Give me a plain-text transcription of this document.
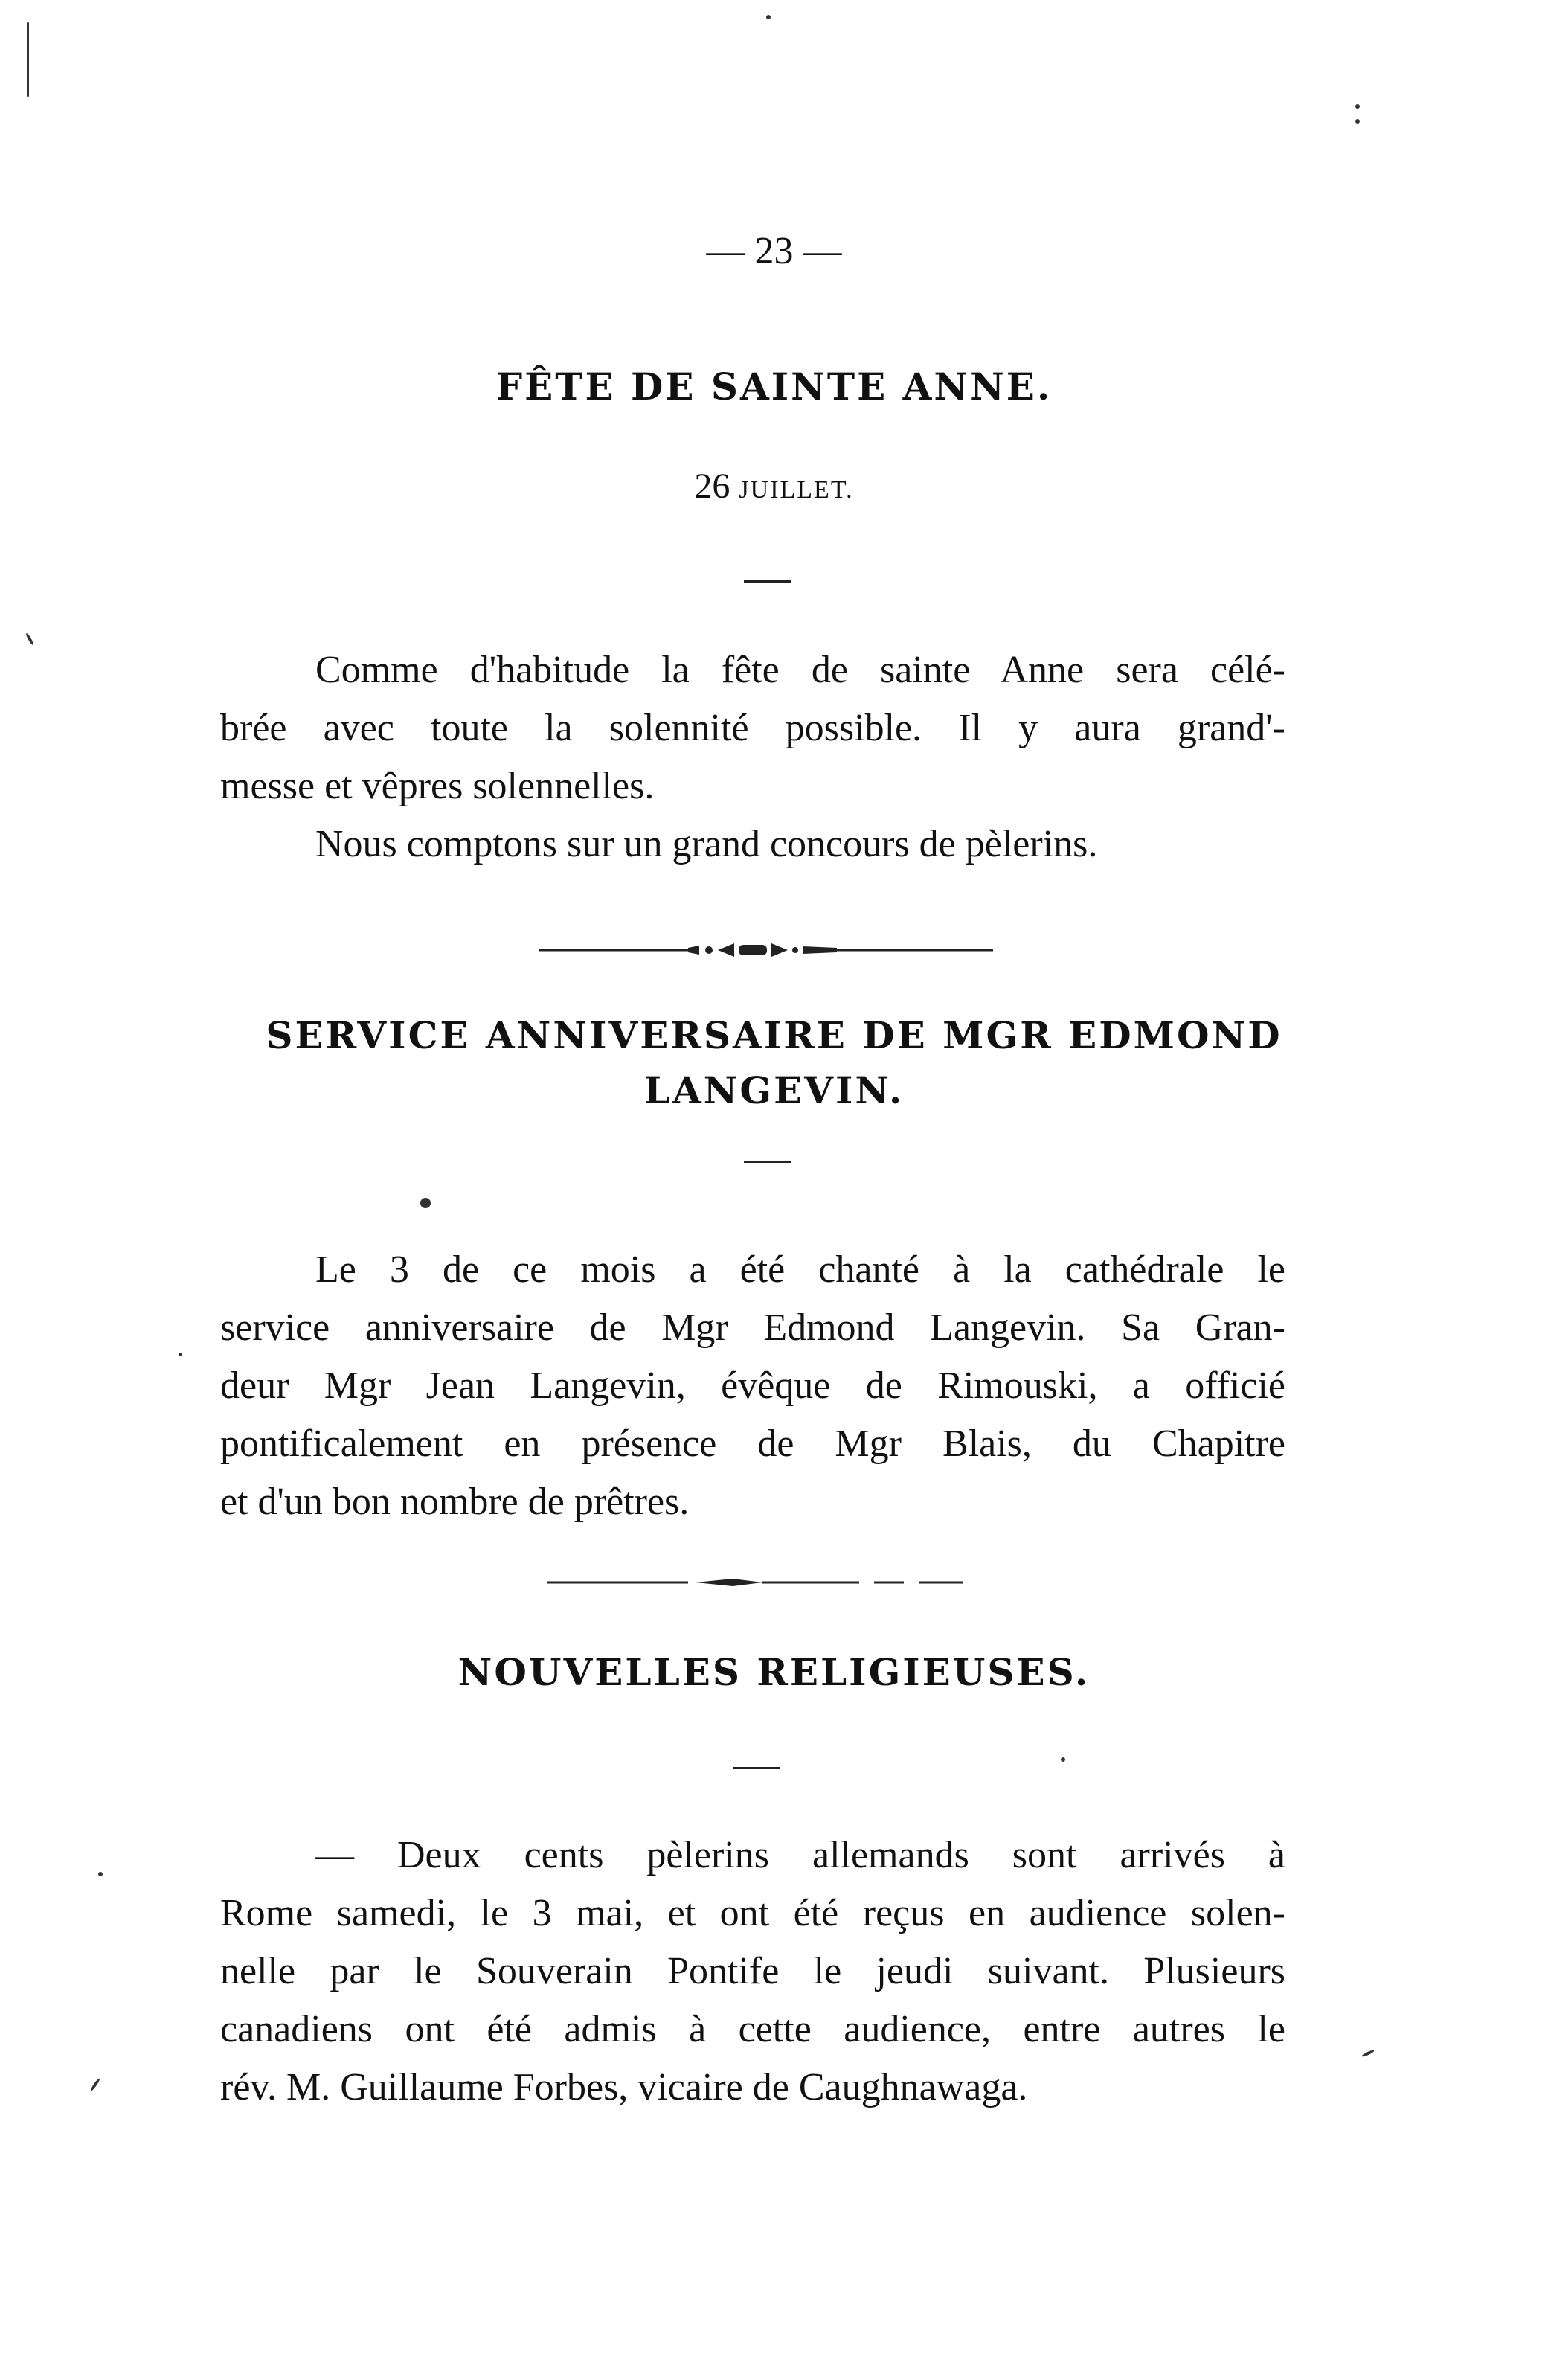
— 23 —
FÊTE DE SAINTE ANNE.
26 JUILLET.
Comme d'habitude la fête de sainte Anne sera célé-
brée avec toute la solennité possible. Il y aura grand'-
messe et vêpres solennelles.
Nous comptons sur un grand concours de pèlerins.
SERVICE ANNIVERSAIRE DE MGR EDMOND
LANGEVIN.
Le 3 de ce mois a été chanté à la cathédrale le
service anniversaire de Mgr Edmond Langevin. Sa Gran-
deur Mgr Jean Langevin, évêque de Rimouski, a officié
pontificalement en présence de Mgr Blais, du Chapitre
et d'un bon nombre de prêtres.
NOUVELLES RELIGIEUSES.
— Deux cents pèlerins allemands sont arrivés à
Rome samedi, le 3 mai, et ont été reçus en audience solen-
nelle par le Souverain Pontife le jeudi suivant. Plusieurs
canadiens ont été admis à cette audience, entre autres le
rév. M. Guillaume Forbes, vicaire de Caughnawaga.
